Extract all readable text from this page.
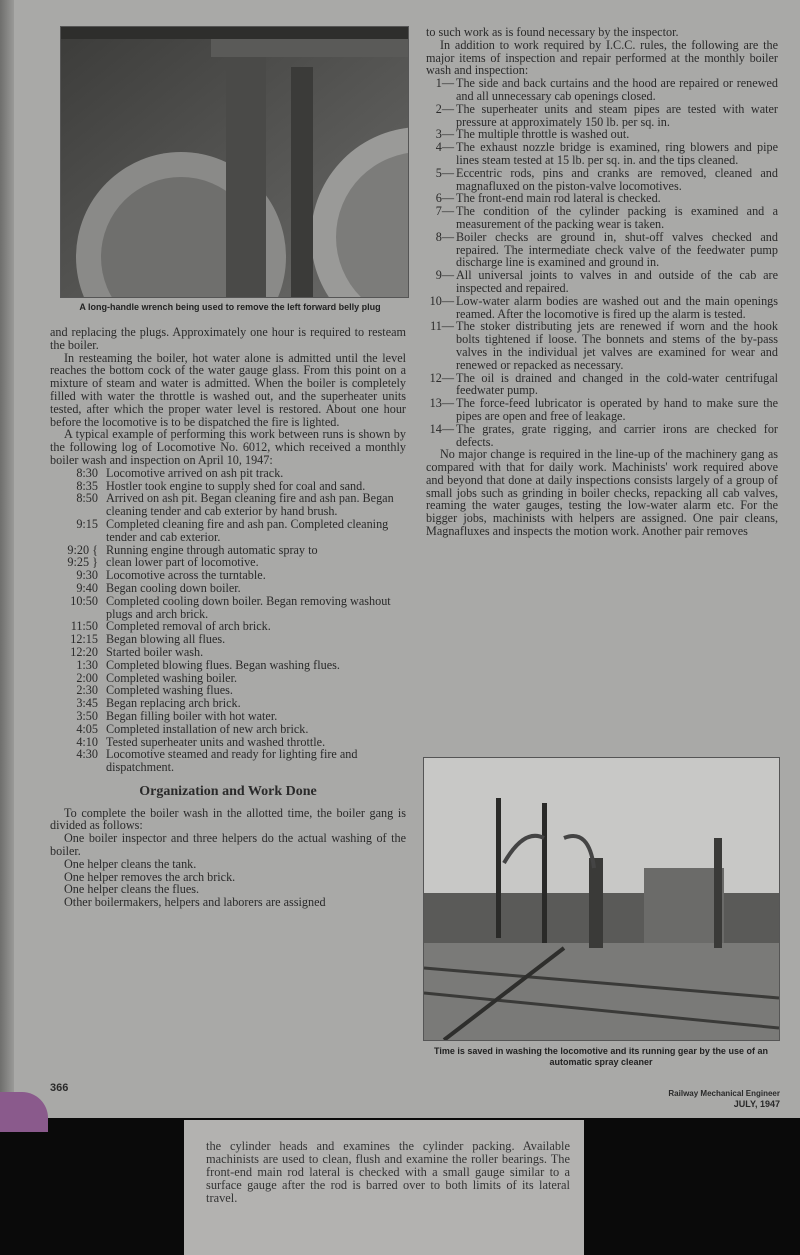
A long-handle wrench being used to remove the left forward belly plug

and replacing the plugs. Approximately one hour is required to resteam the boiler.

In resteaming the boiler, hot water alone is admitted until the level reaches the bottom cock of the water gauge glass. From this point on a mixture of steam and water is admitted. When the boiler is completely filled with water the throttle is washed out, and the superheater units tested, after which the proper water level is restored. About one hour before the locomotive is to be dispatched the fire is lighted.

A typical example of performing this work between runs is shown by the following log of Locomotive No. 6012, which received a monthly boiler wash and inspection on April 10, 1947:

8:30 Locomotive arrived on ash pit track.
8:35 Hostler took engine to supply shed for coal and sand.
8:50 Arrived on ash pit. Began cleaning fire and ash pan. Began cleaning tender and cab exterior by hand brush.
9:15 Completed cleaning fire and ash pan. Completed cleaning tender and cab exterior.
9:20 { Running engine through automatic spray to
9:25 } clean lower part of locomotive.
9:30 Locomotive across the turntable.
9:40 Began cooling down boiler.
10:50 Completed cooling down boiler. Began removing washout plugs and arch brick.
11:50 Completed removal of arch brick.
12:15 Began blowing all flues.
12:20 Started boiler wash.
1:30 Completed blowing flues. Began washing flues.
2:00 Completed washing boiler.
2:30 Completed washing flues.
3:45 Began replacing arch brick.
3:50 Began filling boiler with hot water.
4:05 Completed installation of new arch brick.
4:10 Tested superheater units and washed throttle.
4:30 Locomotive steamed and ready for lighting fire and dispatchment.
Organization and Work Done

To complete the boiler wash in the allotted time, the boiler gang is divided as follows:

One boiler inspector and three helpers do the actual washing of the boiler.

One helper cleans the tank.

One helper removes the arch brick.

One helper cleans the flues.

Other boilermakers, helpers and laborers are assigned

to such work as is found necessary by the inspector.

In addition to work required by I.C.C. rules, the following are the major items of inspection and repair performed at the monthly boiler wash and inspection:

1— The side and back curtains and the hood are repaired or renewed and all unnecessary cab openings closed.
2— The superheater units and steam pipes are tested with water pressure at approximately 150 lb. per sq. in.
3— The multiple throttle is washed out.
4— The exhaust nozzle bridge is examined, ring blowers and pipe lines steam tested at 15 lb. per sq. in. and the tips cleaned.
5— Eccentric rods, pins and cranks are removed, cleaned and magnafluxed on the piston-valve locomotives.
6— The front-end main rod lateral is checked.
7— The condition of the cylinder packing is examined and a measurement of the packing wear is taken.
8— Boiler checks are ground in, shut-off valves checked and repaired. The intermediate check valve of the feedwater pump discharge line is examined and ground in.
9— All universal joints to valves in and outside of the cab are inspected and repaired.
10— Low-water alarm bodies are washed out and the main openings reamed. After the locomotive is fired up the alarm is tested.
11— The stoker distributing jets are renewed if worn and the hook bolts tightened if loose. The bonnets and stems of the by-pass valves in the individual jet valves are examined for wear and renewed or repacked as necessary.
12— The oil is drained and changed in the cold-water centrifugal feedwater pump.
13— The force-feed lubricator is operated by hand to make sure the pipes are open and free of leakage.
14— The grates, grate rigging, and carrier irons are checked for defects.

No major change is required in the line-up of the machinery gang as compared with that for daily work. Machinists' work required above and beyond that done at daily inspections consists largely of a group of small jobs such as grinding in boiler checks, repacking all cab valves, reaming the water gauges, testing the low-water alarm etc. For the bigger jobs, machinists with helpers are assigned. One pair cleans, Magnafluxes and inspects the motion work. Another pair removes

Time is saved in washing the locomotive and its running gear by the use of an automatic spray cleaner
366	Railway Mechanical Engineer
JULY, 1947

the cylinder heads and examines the cylinder packing. Available machinists are used to clean, flush and examine the roller bearings. The front-end main rod lateral is checked with a small gauge similar to a surface gauge after the rod is barred over to both limits of its lateral travel.
